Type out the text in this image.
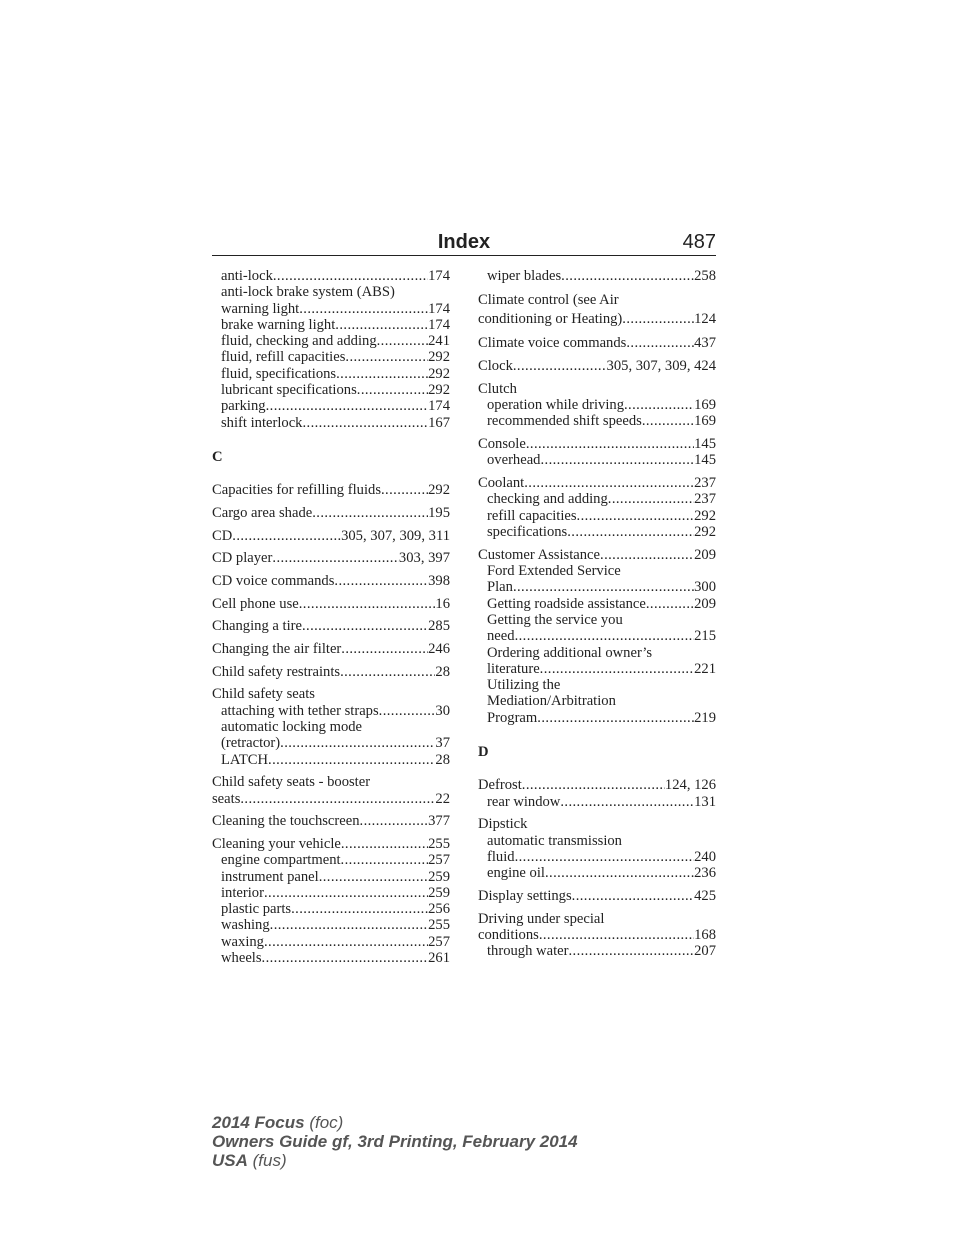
Index	487
anti-lock .....	174
anti-lock brake system (ABS)
warning light .....	174
brake warning light .....	174
fluid, checking and adding .....	241
fluid, refill capacities .....	292
fluid, specifications .....	292
lubricant specifications .....	292
parking .....	174
shift interlock .....	167
C
Capacities for refilling fluids .....	292
Cargo area shade .....	195
CD .....	305, 307, 309, 311
CD player .....	303, 397
CD voice commands .....	398
Cell phone use .....	16
Changing a tire .....	285
Changing the air filter .....	246
Child safety restraints .....	28
Child safety seats
attaching with tether straps .....	30
automatic locking mode
(retractor) .....	37
LATCH .....	28
Child safety seats - booster
seats .....	22
Cleaning the touchscreen .....	377
Cleaning your vehicle .....	255
engine compartment .....	257
instrument panel .....	259
interior .....	259
plastic parts .....	256
washing .....	255
waxing .....	257
wheels .....	261
wiper blades .....	258
Climate control (see Air
conditioning or Heating) .....	124
Climate voice commands .....	437
Clock .....	305, 307, 309, 424
Clutch
operation while driving .....	169
recommended shift speeds .....	169
Console .....	145
overhead .....	145
Coolant .....	237
checking and adding .....	237
refill capacities .....	292
specifications .....	292
Customer Assistance .....	209
Ford Extended Service
Plan .....	300
Getting roadside assistance .....	209
Getting the service you
need .....	215
Ordering additional owner’s
literature .....	221
Utilizing the
Mediation/Arbitration
Program .....	219
D
Defrost .....	124, 126
rear window .....	131
Dipstick
automatic transmission
fluid .....	240
engine oil .....	236
Display settings .....	425
Driving under special
conditions .....	168
through water .....	207
2014 Focus (foc)
Owners Guide gf, 3rd Printing, February 2014
USA (fus)
